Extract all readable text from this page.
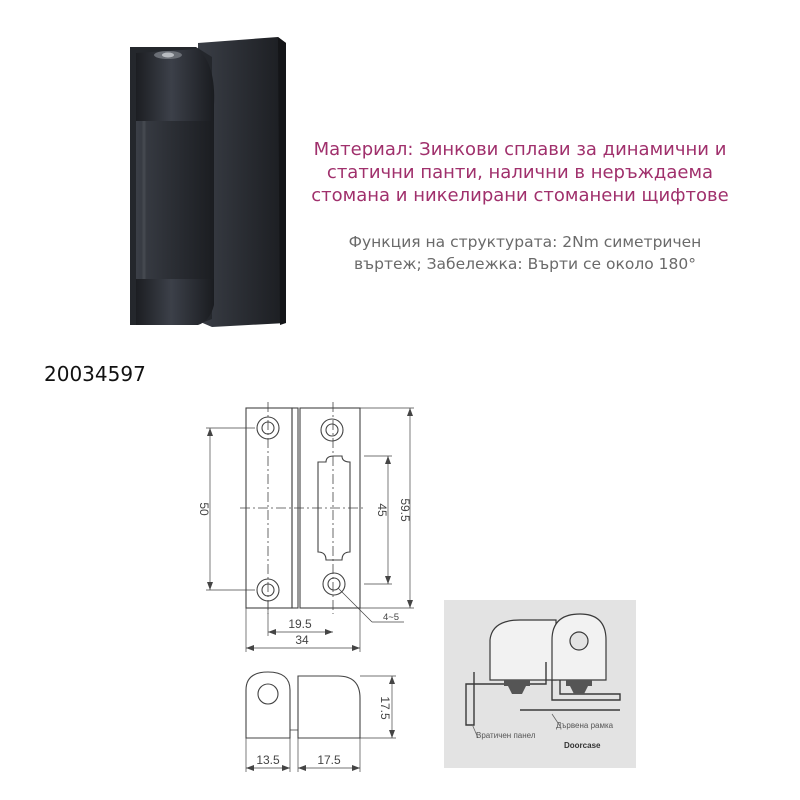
Материал: Зинкови сплави за динамични и статични панти, налични в неръждаема стомана и никелирани стоманени щифтове
Функция на структурата: 2Nm симетричен въртеж; Забележка: Върти се около 180°
20034597
50	45 59.5
19.5
34
4~5
17.5
13.5	17.5
Вратичен панел
Дървена рамка
Doorcase
